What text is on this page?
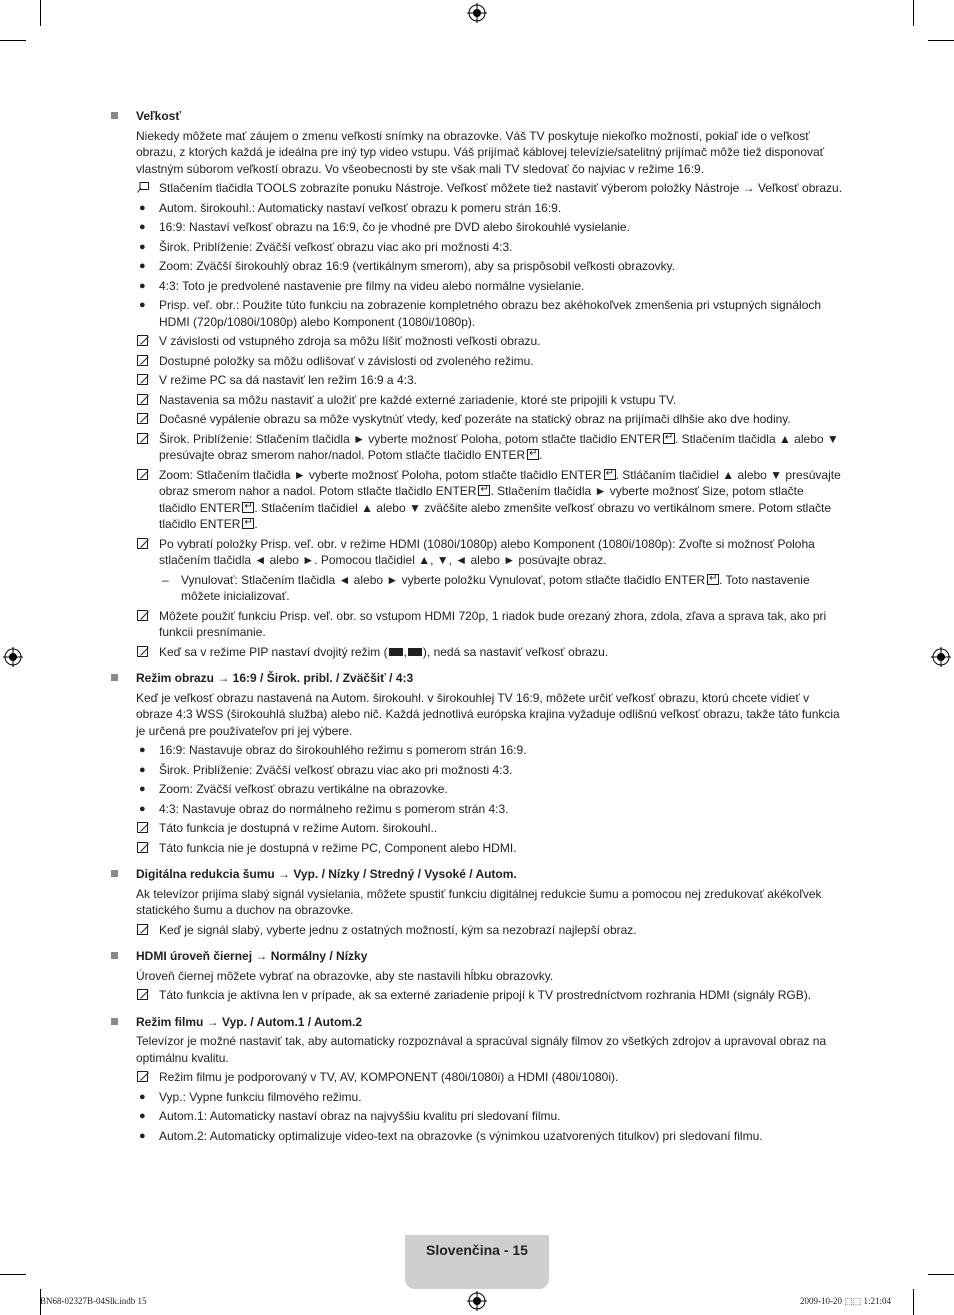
Veľkosť
Niekedy môžete mať záujem o zmenu veľkosti snímky na obrazovke. Váš TV poskytuje niekoľko možností, pokiaľ ide o veľkosť obrazu, z ktorých každá je ideálna pre iný typ video vstupu. Váš prijímač káblovej televízie/satelitný prijímač môže tiež disponovať vlastným súborom veľkostí obrazu. Vo všeobecnosti by ste však mali TV sledovať čo najviac v režime 16:9.
Stlačením tlačidla TOOLS zobrazíte ponuku Nástroje. Veľkosť môžete tiež nastaviť výberom položky Nástroje → Veľkosť obrazu.
●	Autom. širokouhl.: Automaticky nastaví veľkosť obrazu k pomeru strán 16:9.
●	16:9: Nastaví veľkosť obrazu na 16:9, čo je vhodné pre DVD alebo širokouhlé vysielanie.
●	Širok. Priblíženie: Zväčší veľkosť obrazu viac ako pri možnosti 4:3.
●	Zoom: Zväčší širokouhlý obraz 16:9 (vertikálnym smerom), aby sa prispôsobil veľkosti obrazovky.
●	4:3: Toto je predvolené nastavenie pre filmy na videu alebo normálne vysielanie.
●	Prisp. veľ. obr.: Použite túto funkciu na zobrazenie kompletného obrazu bez akéhokoľvek zmenšenia pri vstupných signáloch HDMI (720p/1080i/1080p) alebo Komponent (1080i/1080p).
V závislosti od vstupného zdroja sa môžu líšiť možnosti veľkosti obrazu.
Dostupné položky sa môžu odlišovať v závislosti od zvoleného režimu.
V režime PC sa dá nastaviť len režim 16:9 a 4:3.
Nastavenia sa môžu nastaviť a uložiť pre každé externé zariadenie, ktoré ste pripojili k vstupu TV.
Dočasné vypálenie obrazu sa môže vyskytnúť vtedy, keď pozeráte na statický obraz na prijímači dlhšie ako dve hodiny.
Širok. Priblíženie: Stlačením tlačidla ► vyberte možnosť Poloha, potom stlačte tlačidlo ENTER ↵ . Stlačením tlačidla ▲ alebo ▼ presúvajte obraz smerom nahor/nadol. Potom stlačte tlačidlo ENTER ↵ .
Zoom: Stlačením tlačidla ► vyberte možnosť Poloha, potom stlačte tlačidlo ENTER ↵ . Stláčaním tlačidiel ▲ alebo ▼ presúvajte obraz smerom nahor a nadol. Potom stlačte tlačidlo ENTER ↵ . Stlačením tlačidla ► vyberte možnosť Size, potom stlačte tlačidlo ENTER ↵ . Stlačením tlačidiel ▲ alebo ▼ zväčšite alebo zmenšite veľkosť obrazu vo vertikálnom smere. Potom stlačte tlačidlo ENTER ↵ .
Po vybratí položky Prisp. veľ. obr. v režime HDMI (1080i/1080p) alebo Komponent (1080i/1080p): Zvoľte si možnosť Poloha stlačením tlačidla ◄ alebo ►. Pomocou tlačidiel ▲, ▼, ◄ alebo ► posúvajte obraz.
–	Vynulovať: Stlačením tlačidla ◄ alebo ► vyberte položku Vynulovať, potom stlačte tlačidlo ENTER ↵ . Toto nastavenie môžete inicializovať.
Môžete použiť funkciu Prisp. veľ. obr. so vstupom HDMI 720p, 1 riadok bude orezaný zhora, zdola, zľava a sprava tak, ako pri funkcii presnímanie.
Keď sa v režime PIP nastaví dvojitý režim ( , ), nedá sa nastaviť veľkosť obrazu.
Režim obrazu → 16:9 / Širok. pribl. / Zväčšiť / 4:3
Keď je veľkosť obrazu nastavená na Autom. širokouhl. v širokouhlej TV 16:9, môžete určiť veľkosť obrazu, ktorú chcete vidieť v obraze 4:3 WSS (širokouhlá služba) alebo nič. Každá jednotlivá európska krajina vyžaduje odlišnú veľkosť obrazu, takže táto funkcia je určená pre používateľov pri jej výbere.
●	16:9: Nastavuje obraz do širokouhlého režimu s pomerom strán 16:9.
●	Širok. Priblíženie: Zväčší veľkosť obrazu viac ako pri možnosti 4:3.
●	Zoom: Zväčší veľkosť obrazu vertikálne na obrazovke.
●	4:3: Nastavuje obraz do normálneho režimu s pomerom strán 4:3.
Táto funkcia je dostupná v režime Autom. širokouhl..
Táto funkcia nie je dostupná v režime PC, Component alebo HDMI.
Digitálna redukcia šumu → Vyp. / Nízky / Stredný / Vysoké / Autom.
Ak televízor prijíma slabý signál vysielania, môžete spustiť funkciu digitálnej redukcie šumu a pomocou nej zredukovať akékoľvek statického šumu a duchov na obrazovke.
Keď je signál slabý, vyberte jednu z ostatných možností, kým sa nezobrazí najlepší obraz.
HDMI úroveň čiernej → Normálny / Nízky
Úroveň čiernej môžete vybrať na obrazovke, aby ste nastavili hĺbku obrazovky.
Táto funkcia je aktívna len v prípade, ak sa externé zariadenie pripojí k TV prostredníctvom rozhrania HDMI (signály RGB).
Režim filmu → Vyp. / Autom.1 / Autom.2
Televízor je možné nastaviť tak, aby automaticky rozpoznával a spracúval signály filmov zo všetkých zdrojov a upravoval obraz na optimálnu kvalitu.
Režim filmu je podporovaný v TV, AV, KOMPONENT (480i/1080i) a HDMI (480i/1080i).
●	Vyp.: Vypne funkciu filmového režimu.
●	Autom.1: Automaticky nastaví obraz na najvyššiu kvalitu pri sledovaní filmu.
●	Autom.2: Automaticky optimalizuje video-text na obrazovke (s výnimkou uzatvorených titulkov) pri sledovaní filmu.
Slovenčina - 15
BN68-02327B-04Slk.indb 15	2009-10-20 ⬚⬚ 1:21:04
